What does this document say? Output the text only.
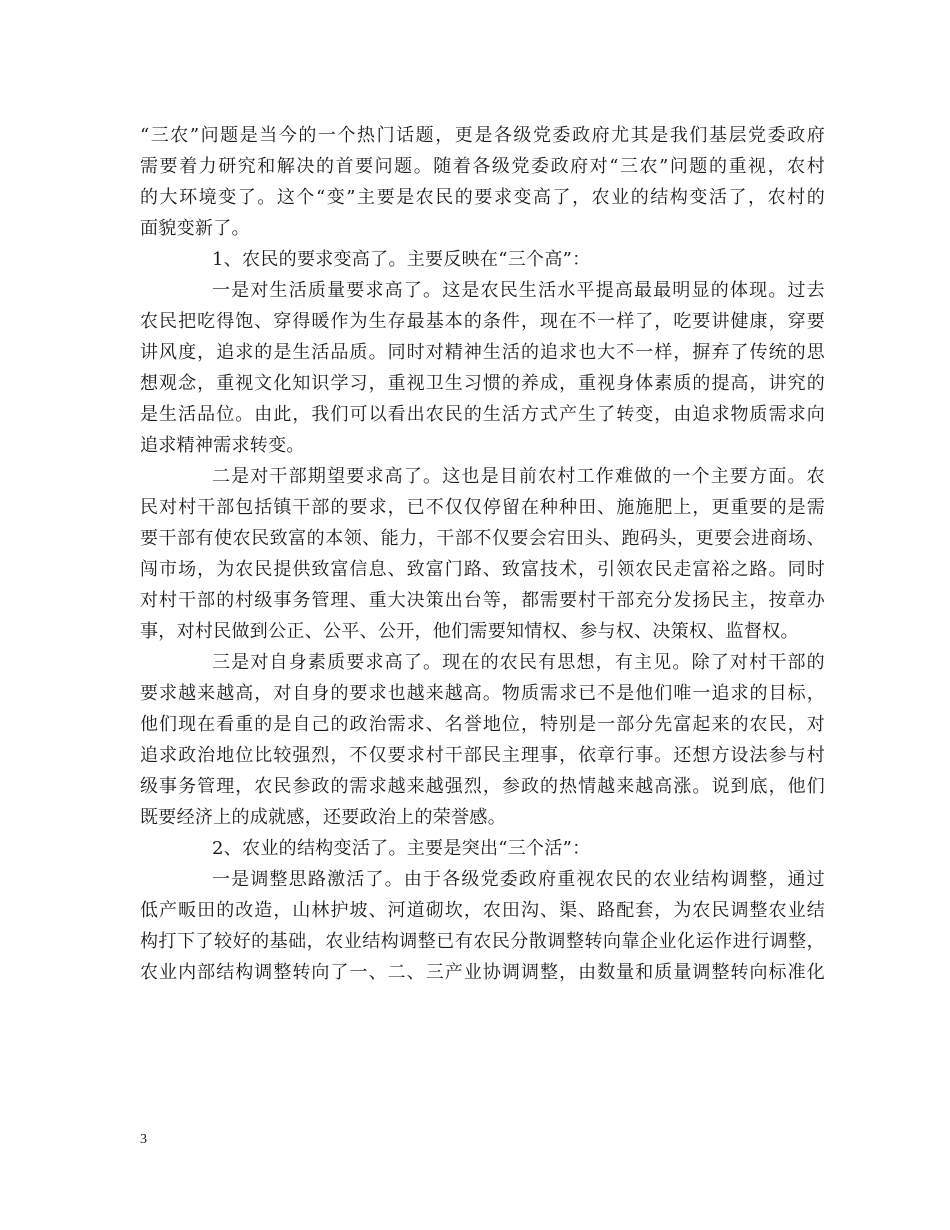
“三农”问题是当今的一个热门话题，更是各级党委政府尤其是我们基层党委政府
需要着力研究和解决的首要问题。随着各级党委政府对“三农”问题的重视，农村
的大环境变了。这个“变”主要是农民的要求变高了，农业的结构变活了，农村的
面貌变新了。
1、农民的要求变高了。主要反映在“三个高”：
一是对生活质量要求高了。这是农民生活水平提高最最明显的体现。过去
农民把吃得饱、穿得暖作为生存最基本的条件，现在不一样了，吃要讲健康，穿要
讲风度，追求的是生活品质。同时对精神生活的追求也大不一样，摒弃了传统的思
想观念，重视文化知识学习，重视卫生习惯的养成，重视身体素质的提高，讲究的
是生活品位。由此，我们可以看出农民的生活方式产生了转变，由追求物质需求向
追求精神需求转变。
二是对干部期望要求高了。这也是目前农村工作难做的一个主要方面。农
民对村干部包括镇干部的要求，已不仅仅停留在种种田、施施肥上，更重要的是需
要干部有使农民致富的本领、能力，干部不仅要会宕田头、跑码头，更要会进商场、
闯市场，为农民提供致富信息、致富门路、致富技术，引领农民走富裕之路。同时
对村干部的村级事务管理、重大决策出台等，都需要村干部充分发扬民主，按章办
事，对村民做到公正、公平、公开，他们需要知情权、参与权、决策权、监督权。
三是对自身素质要求高了。现在的农民有思想，有主见。除了对村干部的
要求越来越高，对自身的要求也越来越高。物质需求已不是他们唯一追求的目标，
他们现在看重的是自己的政治需求、名誉地位，特别是一部分先富起来的农民，对
追求政治地位比较强烈，不仅要求村干部民主理事，依章行事。还想方设法参与村
级事务管理，农民参政的需求越来越强烈，参政的热情越来越高涨。说到底，他们
既要经济上的成就感，还要政治上的荣誉感。
2、农业的结构变活了。主要是突出“三个活”：
一是调整思路激活了。由于各级党委政府重视农民的农业结构调整，通过
低产畈田的改造，山林护坡、河道砌坎，农田沟、渠、路配套，为农民调整农业结
构打下了较好的基础，农业结构调整已有农民分散调整转向靠企业化运作进行调整，
农业内部结构调整转向了一、二、三产业协调调整，由数量和质量调整转向标准化
3
